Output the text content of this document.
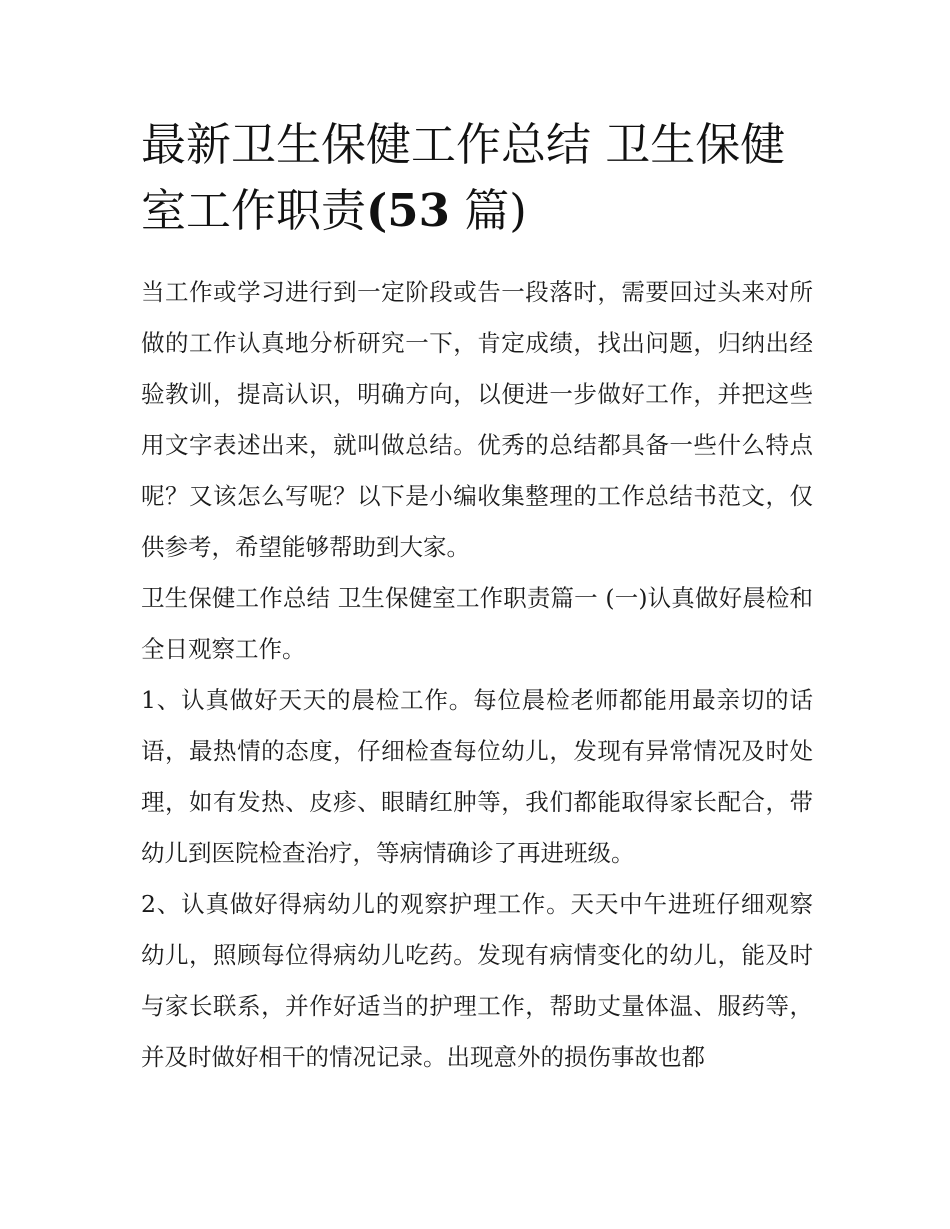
最新卫生保健工作总结 卫生保健室工作职责(53 篇)

当工作或学习进行到一定阶段或告一段落时，需要回过头来对所做的工作认真地分析研究一下，肯定成绩，找出问题，归纳出经验教训，提高认识，明确方向，以便进一步做好工作，并把这些用文字表述出来，就叫做总结。优秀的总结都具备一些什么特点呢？又该怎么写呢？以下是小编收集整理的工作总结书范文，仅供参考，希望能够帮助到大家。

卫生保健工作总结 卫生保健室工作职责篇一 (一)认真做好晨检和全日观察工作。

1、认真做好天天的晨检工作。每位晨检老师都能用最亲切的话语，最热情的态度，仔细检查每位幼儿，发现有异常情况及时处理，如有发热、皮疹、眼睛红肿等，我们都能取得家长配合，带幼儿到医院检查治疗，等病情确诊了再进班级。

2、认真做好得病幼儿的观察护理工作。天天中午进班仔细观察幼儿，照顾每位得病幼儿吃药。发现有病情变化的幼儿，能及时与家长联系，并作好适当的护理工作，帮助丈量体温、服药等，并及时做好相干的情况记录。出现意外的损伤事故也都
